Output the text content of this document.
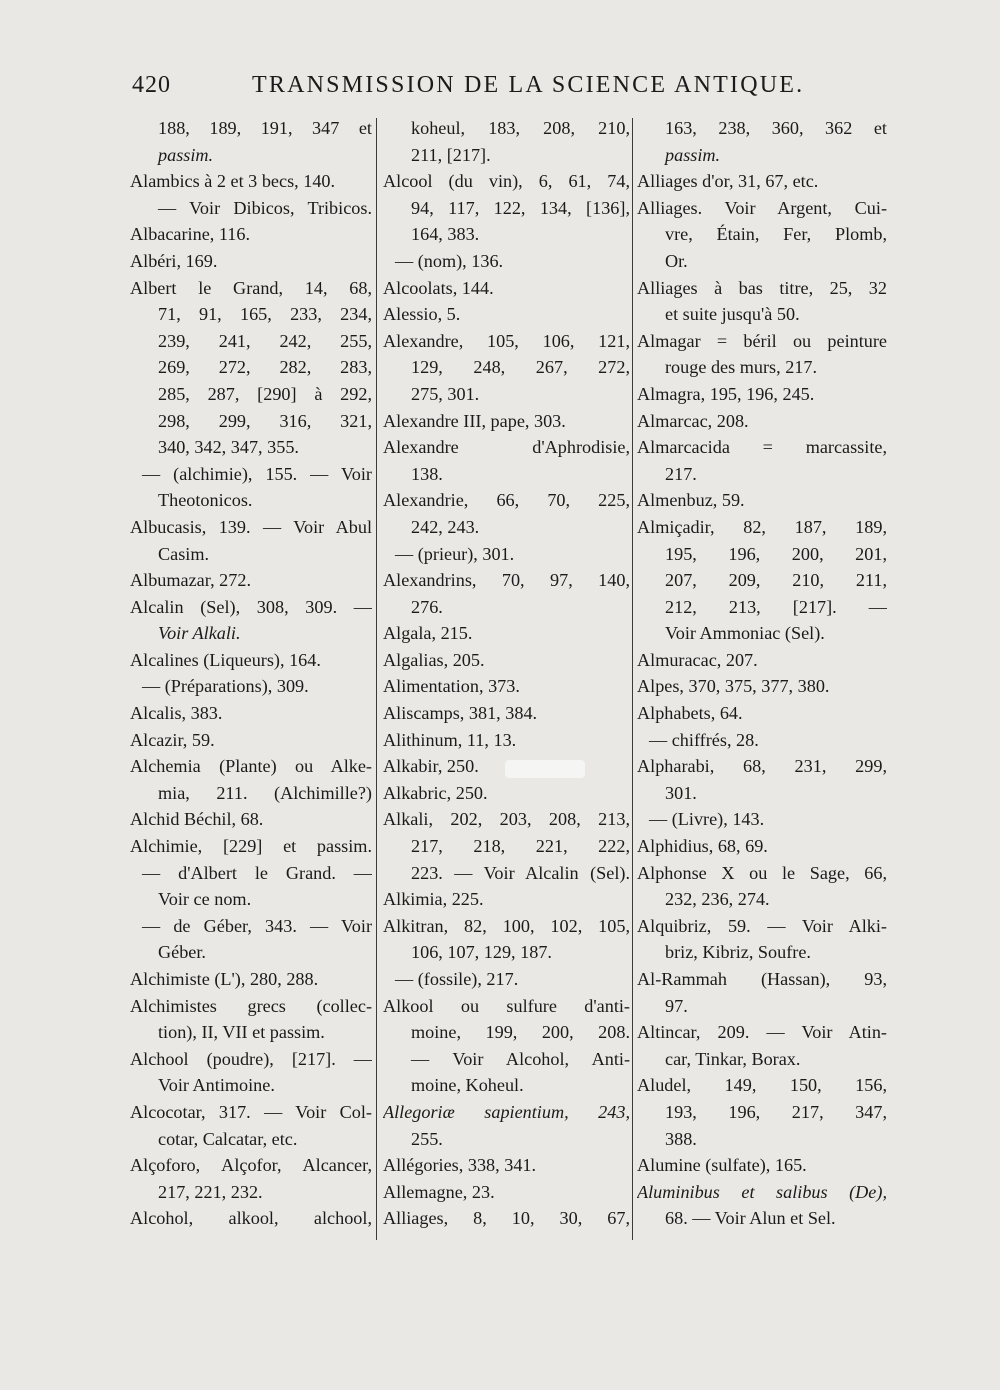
420	TRANSMISSION DE LA SCIENCE ANTIQUE.
188, 189, 191, 347 et
passim.
Alambics à 2 et 3 becs, 140.
— Voir Dibicos, Tribicos.
Albacarine, 116.
Albéri, 169.
Albert le Grand, 14, 68,
71, 91, 165, 233, 234,
239, 241, 242, 255,
269, 272, 282, 283,
285, 287, [290] à 292,
298, 299, 316, 321,
340, 342, 347, 355.
— (alchimie), 155. — Voir
Theotonicos.
Albucasis, 139. — Voir Abul
Casim.
Albumazar, 272.
Alcalin (Sel), 308, 309. —
Voir Alkali.
Alcalines (Liqueurs), 164.
— (Préparations), 309.
Alcalis, 383.
Alcazir, 59.
Alchemia (Plante) ou Alke-
mia, 211. (Alchimille?)
Alchid Béchil, 68.
Alchimie, [229] et passim.
— d'Albert le Grand. —
Voir ce nom.
— de Géber, 343. — Voir
Géber.
Alchimiste (L'), 280, 288.
Alchimistes grecs (collec-
tion), II, VII et passim.
Alchool (poudre), [217]. —
Voir Antimoine.
Alcocotar, 317. — Voir Col-
cotar, Calcatar, etc.
Alçoforo, Alçofor, Alcancer,
217, 221, 232.
Alcohol, alkool, alchool,
koheul, 183, 208, 210,
211, [217].
Alcool (du vin), 6, 61, 74,
94, 117, 122, 134, [136],
164, 383.
— (nom), 136.
Alcoolats, 144.
Alessio, 5.
Alexandre, 105, 106, 121,
129, 248, 267, 272,
275, 301.
Alexandre III, pape, 303.
Alexandre d'Aphrodisie,
138.
Alexandrie, 66, 70, 225,
242, 243.
— (prieur), 301.
Alexandrins, 70, 97, 140,
276.
Algala, 215.
Algalias, 205.
Alimentation, 373.
Aliscamps, 381, 384.
Alithinum, 11, 13.
Alkabir, 250.
Alkabric, 250.
Alkali, 202, 203, 208, 213,
217, 218, 221, 222,
223. — Voir Alcalin (Sel).
Alkimia, 225.
Alkitran, 82, 100, 102, 105,
106, 107, 129, 187.
— (fossile), 217.
Alkool ou sulfure d'anti-
moine, 199, 200, 208.
— Voir Alcohol, Anti-
moine, Koheul.
Allegoriæ sapientium, 243,
255.
Allégories, 338, 341.
Allemagne, 23.
Alliages, 8, 10, 30, 67,
163, 238, 360, 362 et
passim.
Alliages d'or, 31, 67, etc.
Alliages. Voir Argent, Cui-
vre, Étain, Fer, Plomb,
Or.
Alliages à bas titre, 25, 32
et suite jusqu'à 50.
Almagar = béril ou peinture
rouge des murs, 217.
Almagra, 195, 196, 245.
Almarcac, 208.
Almarcacida = marcassite,
217.
Almenbuz, 59.
Almiçadir, 82, 187, 189,
195, 196, 200, 201,
207, 209, 210, 211,
212, 213, [217]. —
Voir Ammoniac (Sel).
Almuracac, 207.
Alpes, 370, 375, 377, 380.
Alphabets, 64.
— chiffrés, 28.
Alpharabi, 68, 231, 299,
301.
— (Livre), 143.
Alphidius, 68, 69.
Alphonse X ou le Sage, 66,
232, 236, 274.
Alquibriz, 59. — Voir Alki-
briz, Kibriz, Soufre.
Al-Rammah (Hassan), 93,
97.
Altincar, 209. — Voir Atin-
car, Tinkar, Borax.
Aludel, 149, 150, 156,
193, 196, 217, 347,
388.
Alumine (sulfate), 165.
Aluminibus et salibus (De),
68. — Voir Alun et Sel.
